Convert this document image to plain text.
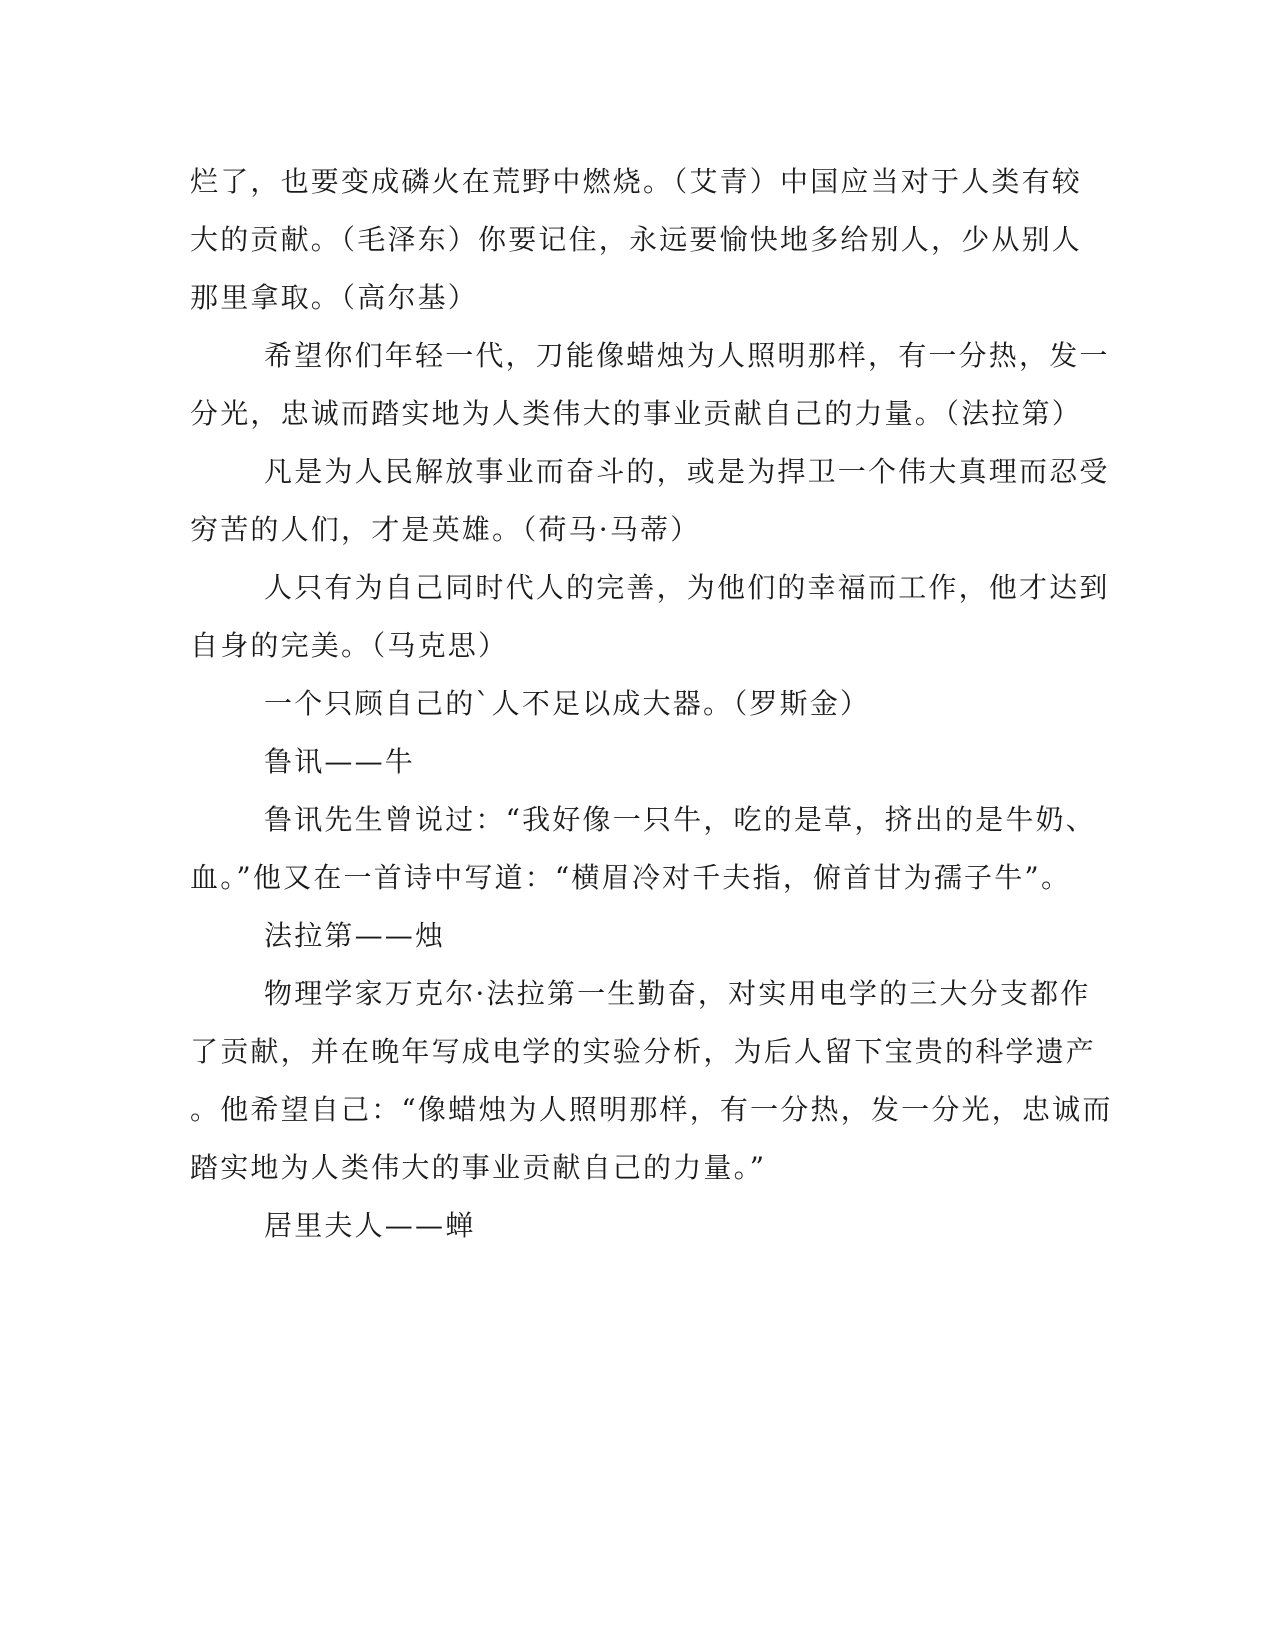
烂了，也要变成磷火在荒野中燃烧。（艾青）中国应当对于人类有较
大的贡献。（毛泽东）你要记住，永远要愉快地多给别人，少从别人
那里拿取。（高尔基）
希望你们年轻一代，刀能像蜡烛为人照明那样，有一分热，发一
分光，忠诚而踏实地为人类伟大的事业贡献自己的力量。（法拉第）
凡是为人民解放事业而奋斗的，或是为捍卫一个伟大真理而忍受
穷苦的人们，才是英雄。（荷马·马蒂）
人只有为自己同时代人的完善，为他们的幸福而工作，他才达到
自身的完美。（马克思）
一个只顾自己的`人不足以成大器。（罗斯金）
鲁讯——牛
鲁讯先生曾说过：“我好像一只牛，吃的是草，挤出的是牛奶、
血。”他又在一首诗中写道：“横眉冷对千夫指，俯首甘为孺子牛”。
法拉第——烛
物理学家万克尔·法拉第一生勤奋，对实用电学的三大分支都作
了贡献，并在晚年写成电学的实验分析，为后人留下宝贵的科学遗产
。他希望自己：“像蜡烛为人照明那样，有一分热，发一分光，忠诚而
踏实地为人类伟大的事业贡献自己的力量。”
居里夫人——蝉
